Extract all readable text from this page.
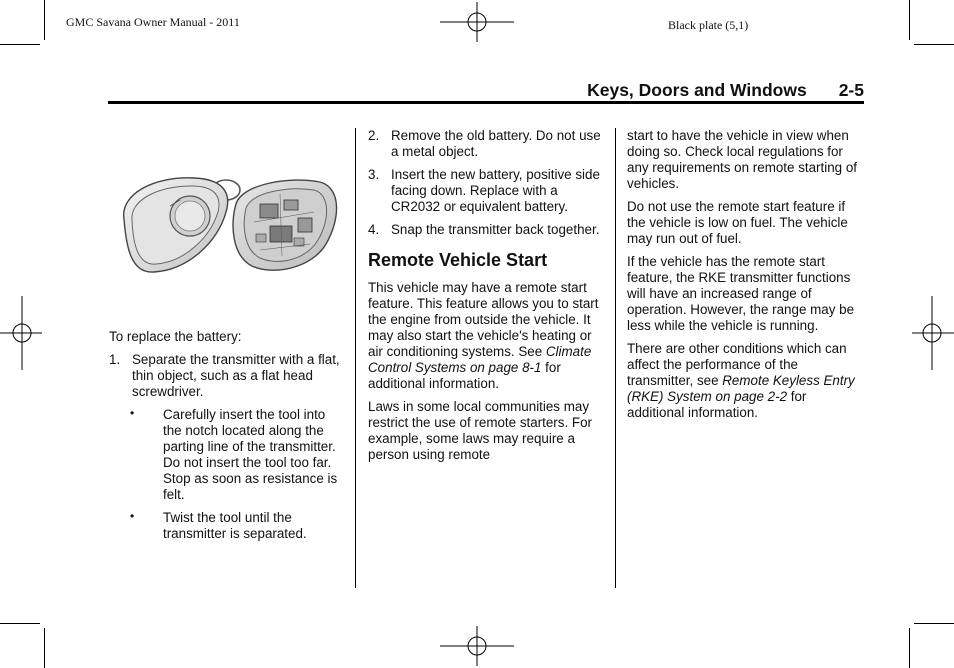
GMC Savana Owner Manual - 2011	Black plate (5,1)
Keys, Doors and Windows 2-5

To replace the battery:

1. Separate the transmitter with a flat, thin object, such as a flat head screwdriver.
• Carefully insert the tool into the notch located along the parting line of the transmitter. Do not insert the tool too far. Stop as soon as resistance is felt.
• Twist the tool until the transmitter is separated.
2. Remove the old battery. Do not use a metal object.
3. Insert the new battery, positive side facing down. Replace with a CR2032 or equivalent battery.
4. Snap the transmitter back together.
Remote Vehicle Start

This vehicle may have a remote start feature. This feature allows you to start the engine from outside the vehicle. It may also start the vehicle's heating or air conditioning systems. See Climate Control Systems on page 8-1 for additional information.

Laws in some local communities may restrict the use of remote starters. For example, some laws may require a person using remote

start to have the vehicle in view when doing so. Check local regulations for any requirements on remote starting of vehicles.

Do not use the remote start feature if the vehicle is low on fuel. The vehicle may run out of fuel.

If the vehicle has the remote start feature, the RKE transmitter functions will have an increased range of operation. However, the range may be less while the vehicle is running.

There are other conditions which can affect the performance of the transmitter, see Remote Keyless Entry (RKE) System on page 2-2 for additional information.
